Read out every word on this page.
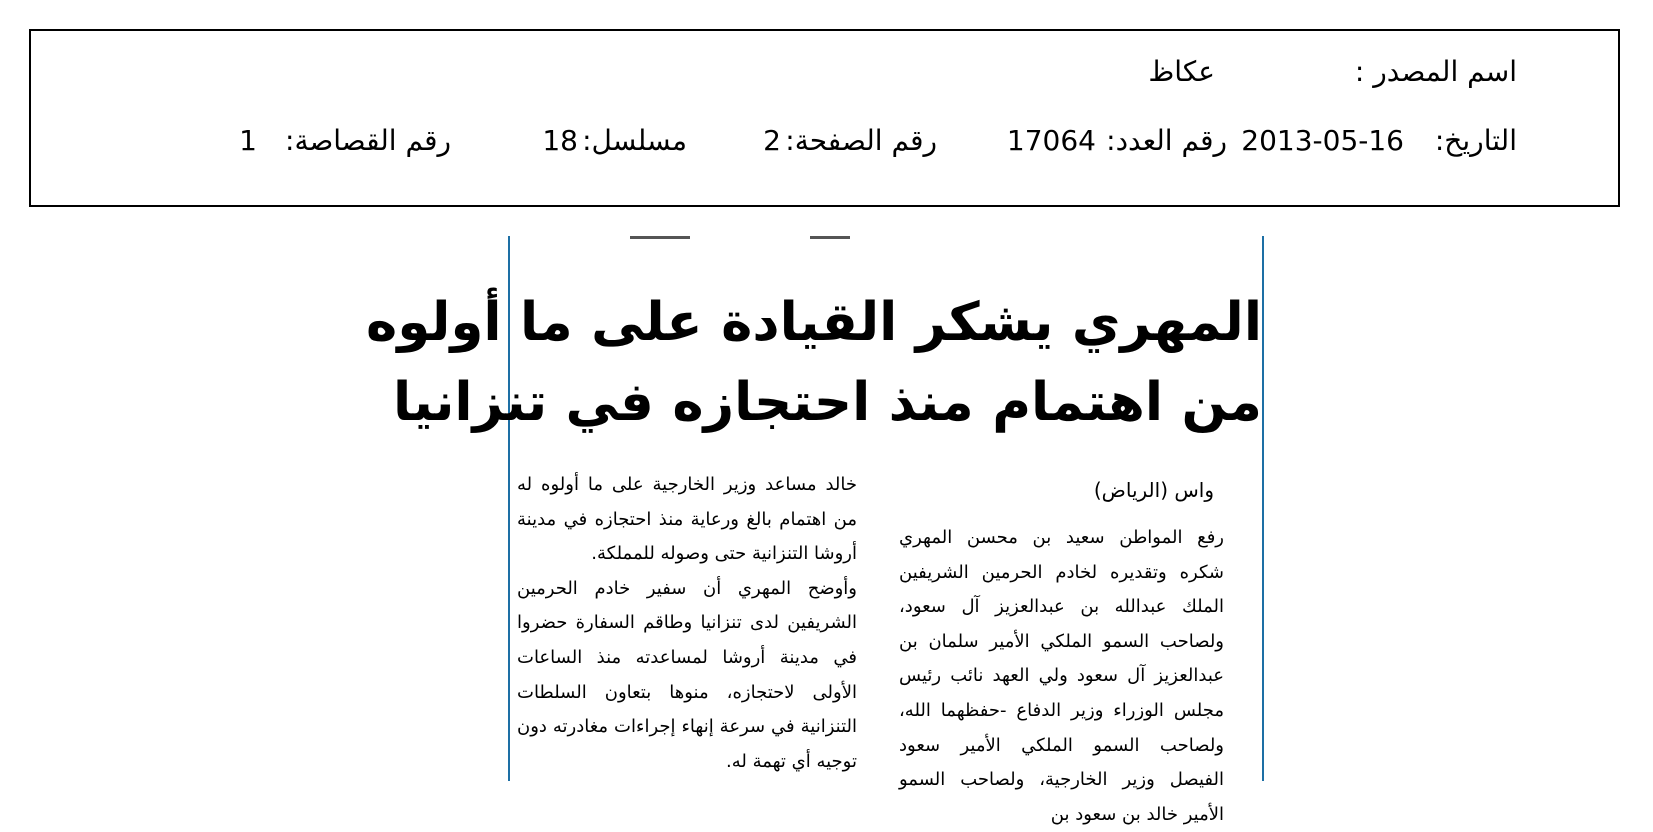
اسم المصدر :
عكاظ
التاريخ:
2013-05-16
رقم العدد:
17064
رقم الصفحة:
2
مسلسل:
18
رقم القصاصة:
1
المهري يشكر القيادة على ما أولوه
من اهتمام منذ احتجازه في تنزانيا
واس (الرياض)
رفع المواطن سعيد بن محسن المهري شكره وتقديره لخادم الحرمين الشريفين الملك عبدالله بن عبدالعزيز آل سعود، ولصاحب السمو الملكي الأمير سلمان بن عبدالعزيز آل سعود ولي العهد نائب رئيس مجلس الوزراء وزير الدفاع -حفظهما الله، ولصاحب السمو الملكي الأمير سعود الفيصل وزير الخارجية، ولصاحب السمو الأمير خالد بن سعود بن
خالد مساعد وزير الخارجية على ما أولوه له من اهتمام بالغ ورعاية منذ احتجازه في مدينة أروشا التنزانية حتى وصوله للمملكة.
وأوضح المهري أن سفير خادم الحرمين الشريفين لدى تنزانيا وطاقم السفارة حضروا في مدينة أروشا لمساعدته منذ الساعات الأولى لاحتجازه، منوها بتعاون السلطات التنزانية في سرعة إنهاء إجراءات مغادرته دون توجيه أي تهمة له.
